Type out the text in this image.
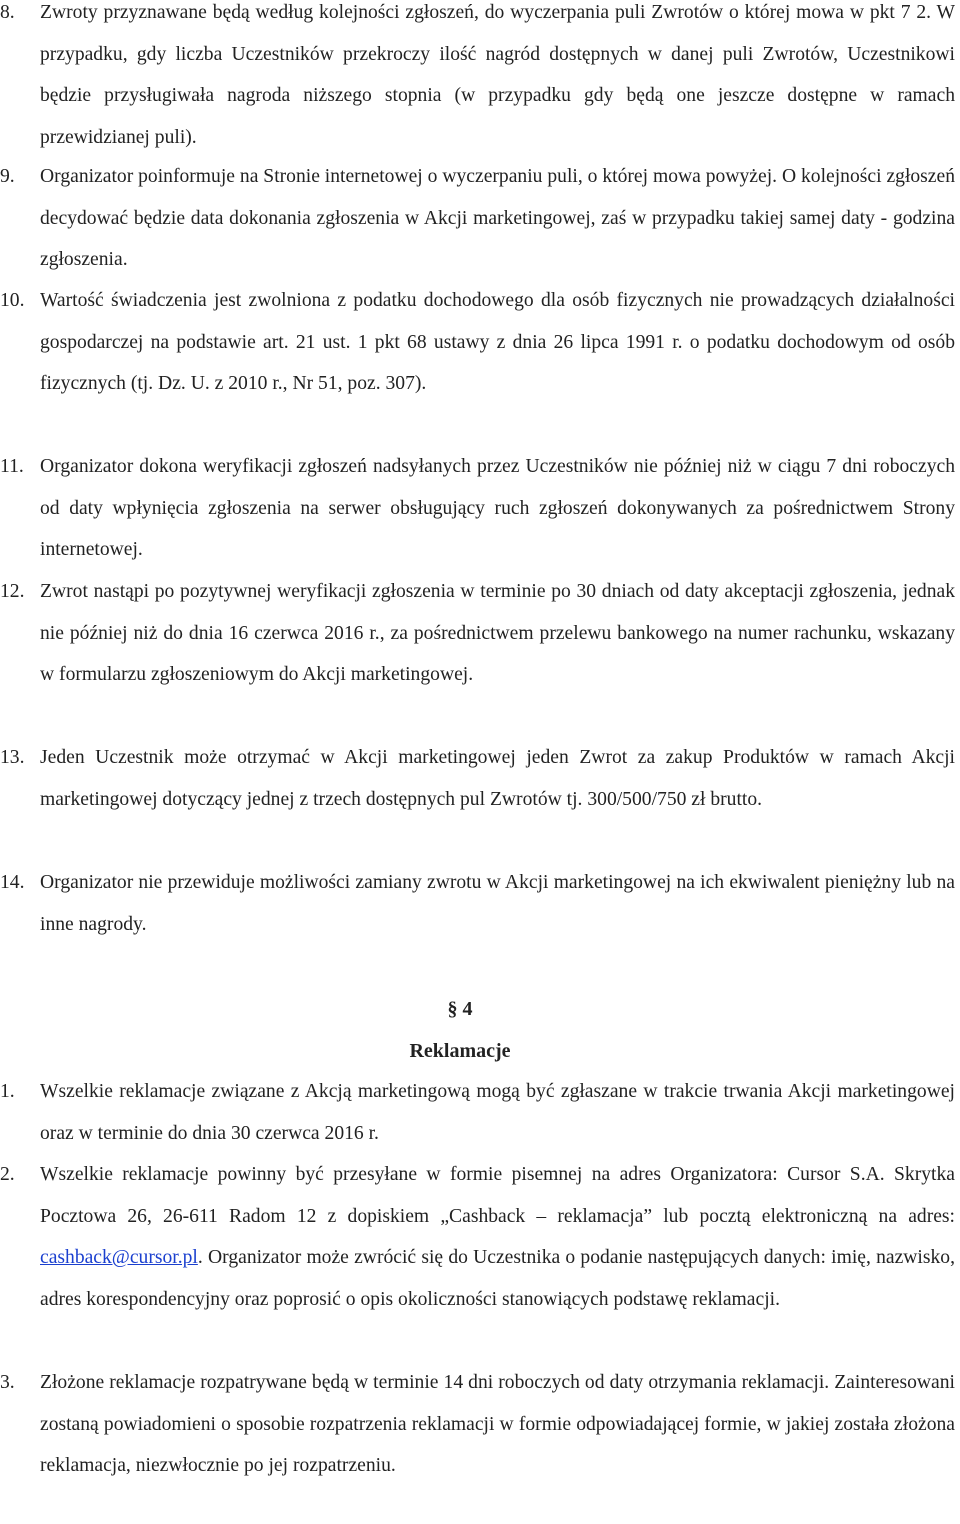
8.	Zwroty przyznawane będą według kolejności zgłoszeń, do wyczerpania puli Zwrotów o której mowa w pkt 7 2. W przypadku, gdy liczba Uczestników przekroczy ilość nagród dostępnych w danej puli Zwrotów, Uczestnikowi będzie przysługiwała nagroda niższego stopnia (w przypadku gdy będą one jeszcze dostępne w ramach przewidzianej puli).
9.	Organizator poinformuje na Stronie internetowej o wyczerpaniu puli, o której mowa powyżej. O kolejności zgłoszeń decydować będzie data dokonania zgłoszenia w Akcji marketingowej, zaś w przypadku takiej samej daty - godzina zgłoszenia.
10. Wartość świadczenia jest zwolniona z podatku dochodowego dla osób fizycznych nie prowadzących działalności gospodarczej na podstawie art. 21 ust. 1 pkt 68 ustawy z dnia 26 lipca 1991 r. o podatku dochodowym od osób fizycznych (tj. Dz. U. z 2010 r., Nr 51, poz. 307).
11. Organizator dokona weryfikacji zgłoszeń nadsyłanych przez Uczestników nie później niż w ciągu 7 dni roboczych od daty wpłynięcia zgłoszenia na serwer obsługujący ruch zgłoszeń dokonywanych za pośrednictwem Strony internetowej.
12. Zwrot nastąpi po pozytywnej weryfikacji zgłoszenia w terminie po 30 dniach od daty akceptacji zgłoszenia, jednak nie później niż do dnia 16 czerwca 2016 r., za pośrednictwem przelewu bankowego na numer rachunku, wskazany w formularzu zgłoszeniowym do Akcji marketingowej.
13. Jeden Uczestnik może otrzymać w Akcji marketingowej jeden Zwrot za zakup Produktów w ramach Akcji marketingowej dotyczący jednej z trzech dostępnych pul Zwrotów tj. 300/500/750 zł brutto.
14. Organizator nie przewiduje możliwości zamiany zwrotu w Akcji marketingowej na ich ekwiwalent pieniężny lub na inne nagrody.
§ 4
Reklamacje
1.	Wszelkie reklamacje związane z Akcją marketingową mogą być zgłaszane w trakcie trwania Akcji marketingowej oraz w terminie do dnia 30 czerwca 2016 r.
2.	Wszelkie reklamacje powinny być przesyłane w formie pisemnej na adres Organizatora: Cursor S.A. Skrytka Pocztowa 26, 26-611 Radom 12 z dopiskiem „Cashback – reklamacja” lub pocztą elektroniczną na adres: cashback@cursor.pl. Organizator może zwrócić się do Uczestnika o podanie następujących danych: imię, nazwisko, adres korespondencyjny oraz poprosić o opis okoliczności stanowiących podstawę reklamacji.
3.	Złożone reklamacje rozpatrywane będą w terminie 14 dni roboczych od daty otrzymania reklamacji. Zainteresowani zostaną powiadomieni o sposobie rozpatrzenia reklamacji w formie odpowiadającej formie, w jakiej została złożona reklamacja, niezwłocznie po jej rozpatrzeniu.
